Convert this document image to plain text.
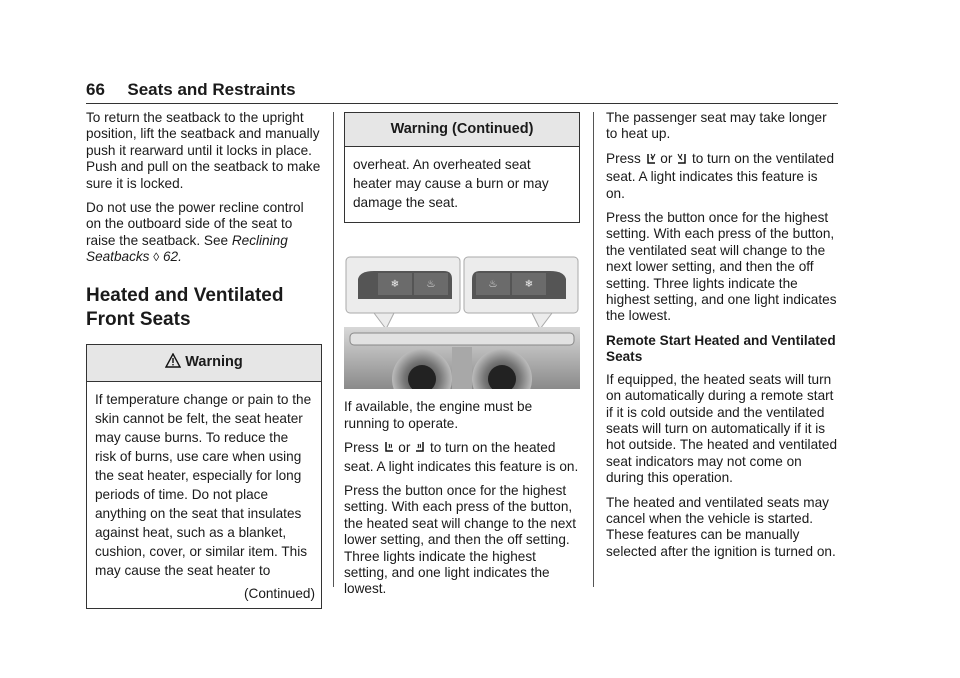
66 Seats and Restraints

To return the seatback to the upright position, lift the seatback and manually push it rearward until it locks in place. Push and pull on the seatback to make sure it is locked.

Do not use the power recline control on the outboard side of the seat to raise the seatback. See Reclining Seatbacks ◊ 62.

Heated and Ventilated Front Seats
Warning
If temperature change or pain to the skin cannot be felt, the seat heater may cause burns. To reduce the risk of burns, use care when using the seat heater, especially for long periods of time. Do not place anything on the seat that insulates against heat, such as a blanket, cushion, cover, or similar item. This may cause the seat heater to
(Continued)
Warning (Continued)
overheat. An overheated seat heater may cause a burn or may damage the seat.
❄	♨	♨	❄

If available, the engine must be running to operate.

Press  or  to turn on the heated seat. A light indicates this feature is on.

Press the button once for the highest setting. With each press of the button, the heated seat will change to the next lower setting, and then the off setting. Three lights indicate the highest setting, and one light indicates the lowest.

The passenger seat may take longer to heat up.

Press  or  to turn on the ventilated seat. A light indicates this feature is on.

Press the button once for the highest setting. With each press of the button, the ventilated seat will change to the next lower setting, and then the off setting. Three lights indicate the highest setting, and one light indicates the lowest.

Remote Start Heated and Ventilated Seats

If equipped, the heated seats will turn on automatically during a remote start if it is cold outside and the ventilated seats will turn on automatically if it is hot outside. The heated and ventilated seat indicators may not come on during this operation.

The heated and ventilated seats may cancel when the vehicle is started. These features can be manually selected after the ignition is turned on.
